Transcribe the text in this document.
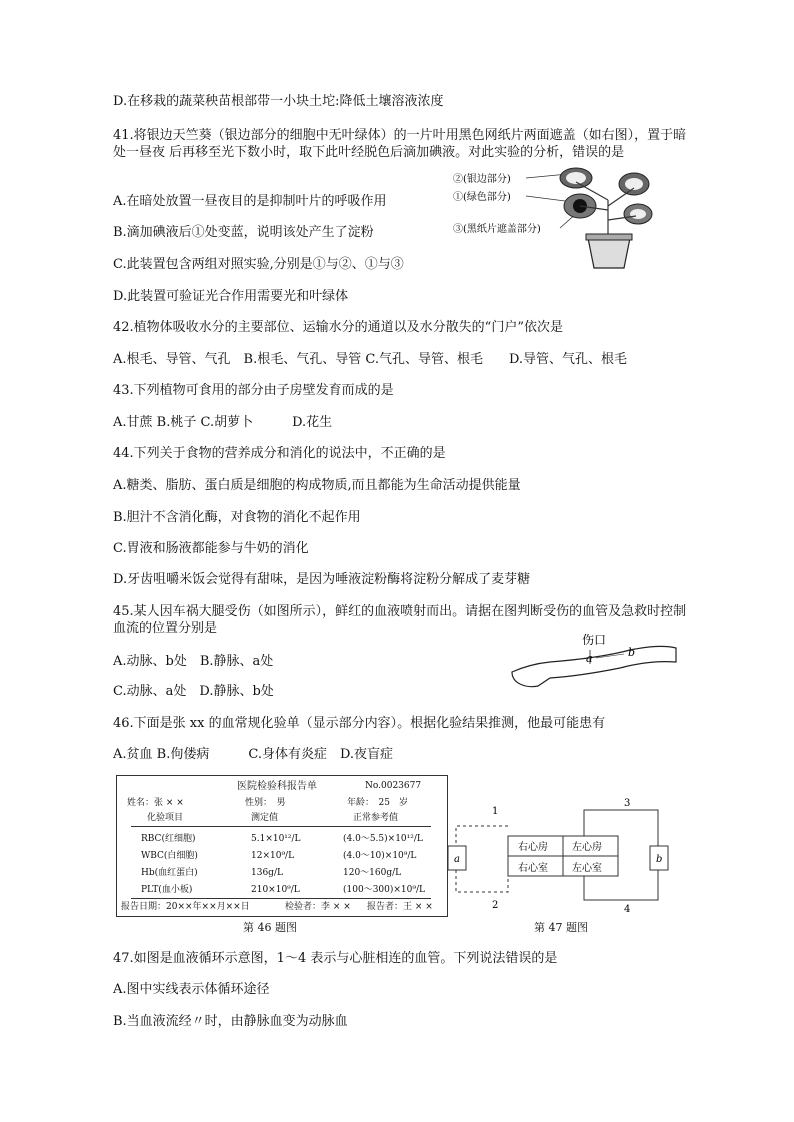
D.在移栽的蔬菜秧苗根部带一小块土坨:降低土壤溶液浓度
41.将银边天竺葵（银边部分的细胞中无叶绿体）的一片叶用黑色网纸片两面遮盖（如右图），置于暗处一昼夜 后再移至光下数小时，取下此叶经脱色后滴加碘液。对此实验的分析，错误的是
A.在暗处放置一昼夜目的是抑制叶片的呼吸作用
B.滴加碘液后①处变蓝，说明该处产生了淀粉
C.此装置包含两组对照实验,分别是①与②、①与③
D.此装置可验证光合作用需要光和叶绿体
②(银边部分)
①(绿色部分)
③(黑纸片遮盖部分)
42.植物体吸收水分的主要部位、运输水分的通道以及水分散失的“门户”依次是
A.根毛、导管、气孔　B.根毛、气孔、导管 C.气孔、导管、根毛　　D.导管、气孔、根毛
43.下列植物可食用的部分由子房壁发育而成的是
A.甘蔗 B.桃子 C.胡萝卜　　　D.花生
44.下列关于食物的营养成分和消化的说法中，不正确的是
A.糖类、脂肪、蛋白质是细胞的构成物质,而且都能为生命活动提供能量
B.胆汁不含消化酶，对食物的消化不起作用
C.胃液和肠液都能参与牛奶的消化
D.牙齿咀嚼米饭会觉得有甜味，是因为唾液淀粉酶将淀粉分解成了麦芽糖
45.某人因车祸大腿受伤（如图所示），鲜红的血液喷射而出。请据在图判断受伤的血管及急救时控制血流的位置分别是
A.动脉、b处　B.静脉、a处
C.动脉、a处　D.静脉、b处
伤口
a	b
46.下面是张 xx 的血常规化验单（显示部分内容）。根据化验结果推测，他最可能患有
A.贫血 B.佝偻病　　　C.身体有炎症　D.夜盲症
医院检验科报告单	No.0023677
姓名：张 × ×	性别：　男	年龄：　25　岁
化验项目	测定值	正常参考值
RBC(红细胞)	5.1×10¹²/L	(4.0～5.5)×10¹²/L
WBC(白细胞)	12×10⁹/L	(4.0～10)×10⁹/L
Hb(血红蛋白)	136g/L	120～160g/L
PLT(血小板)	210×10⁹/L	(100～300)×10⁹/L
报告日期：20××年××月××日	检验者：李 × × 报告者：王 × ×
a	b
右心房 左心房
右心室 左心室
1
2
3
4
第 46 题图	第 47 题图
47.如图是血液循环示意图，1～4 表示与心脏相连的血管。下列说法错误的是
A.图中实线表示体循环途径
B.当血液流经〃时，由静脉血变为动脉血
